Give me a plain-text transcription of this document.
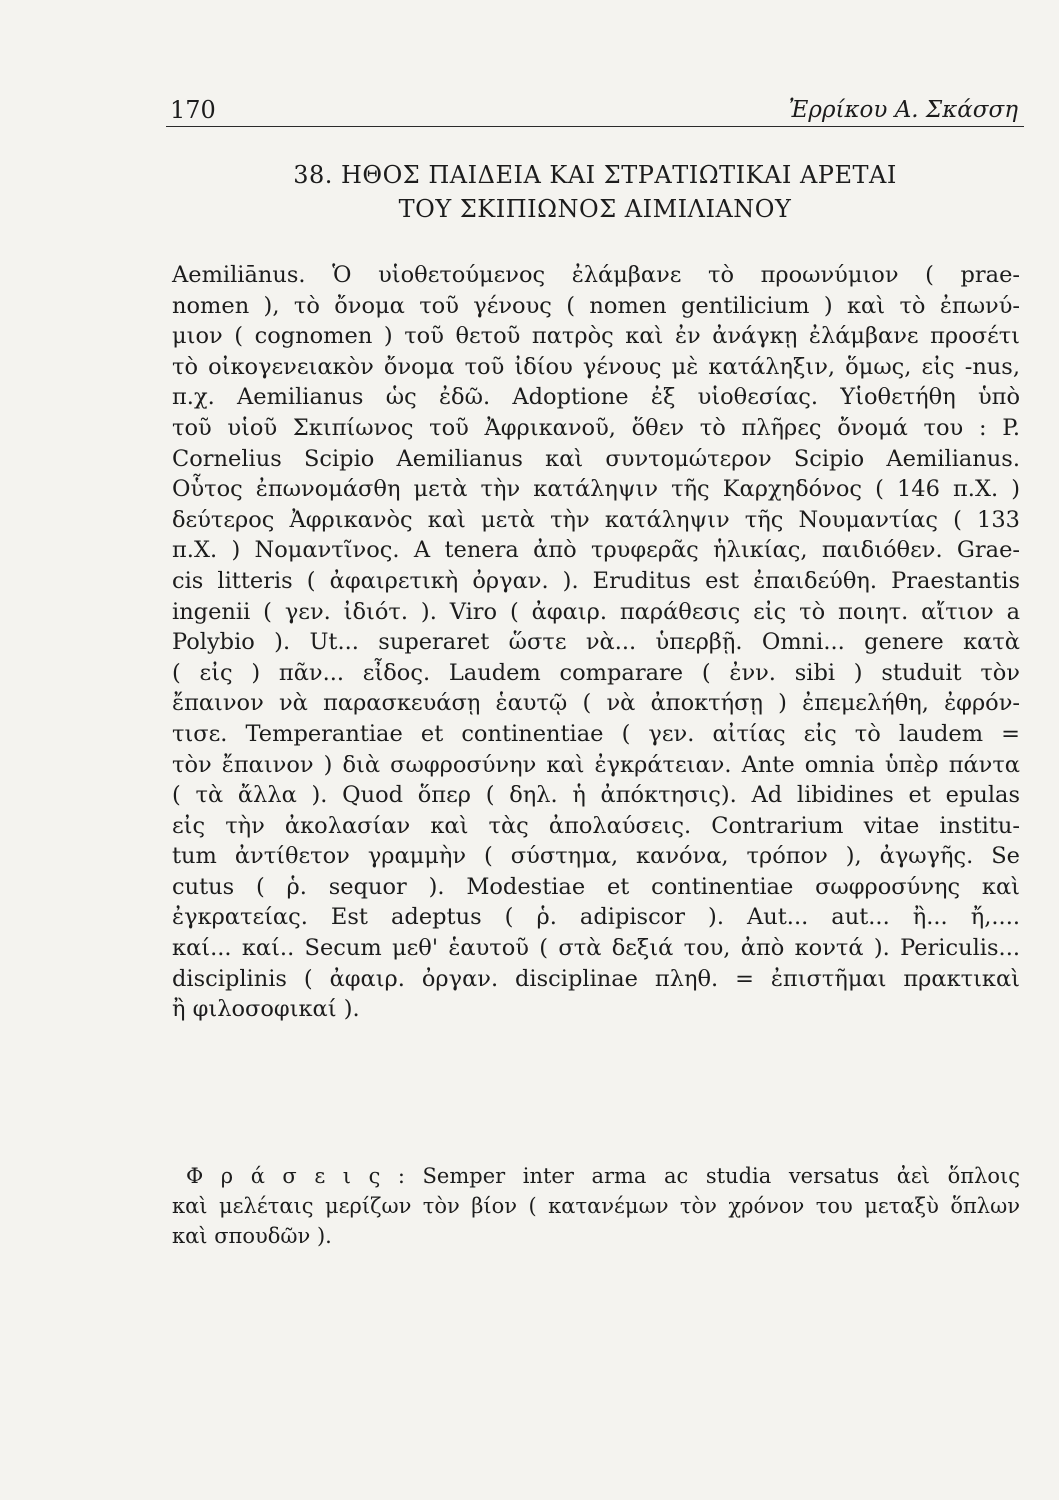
170	Ἐρρίκου Α. Σκάσση
38. ΗΘΟΣ ΠΑΙΔΕΙΑ ΚΑΙ ΣΤΡΑΤΙΩΤΙΚΑΙ ΑΡΕΤΑΙ
ΤΟΥ ΣΚΙΠΙΩΝΟΣ ΑΙΜΙΛΙΑΝΟΥ
Aemiliānus. Ὁ υἱοθετούμενος ἐλάμβανε τὸ προωνύμιον ( prae-
nomen ), τὸ ὄνομα τοῦ γένους ( nomen gentilicium ) καὶ τὸ ἐπωνύ-
μιον ( cognomen ) τοῦ θετοῦ πατρὸς καὶ ἐν ἀνάγκῃ ἐλάμβανε προσέτι
τὸ οἰκογενειακὸν ὄνομα τοῦ ἰδίου γένους μὲ κατάληξιν, ὅμως, εἰς -nus,
π.χ. Aemilianus ὡς ἐδῶ. Adoptione ἐξ υἱοθεσίας. Υἱοθετήθη ὑπὸ
τοῦ υἱοῦ Σκιπίωνος τοῦ Ἀφρικανοῦ, ὅθεν τὸ πλῆρες ὄνομά του : P.
Cornelius Scipio Aemilianus καὶ συντομώτερον Scipio Aemilianus.
Οὗτος ἐπωνομάσθη μετὰ τὴν κατάληψιν τῆς Καρχηδόνος ( 146 π.Χ. )
δεύτερος Ἀφρικανὸς καὶ μετὰ τὴν κατάληψιν τῆς Νουμαντίας ( 133
π.Χ. ) Νομαντῖνος. A tenera ἀπὸ τρυφερᾶς ἡλικίας, παιδιόθεν. Grae-
cis litteris ( ἀφαιρετικὴ ὀργαν. ). Eruditus est ἐπαιδεύθη. Praestantis
ingenii ( γεν. ἰδιότ. ). Viro ( ἀφαιρ. παράθεσις εἰς τὸ ποιητ. αἴτιον a
Polybio ). Ut... superaret ὥστε νὰ... ὑπερβῇ. Omni... genere κατὰ
( εἰς ) πᾶν... εἶδος. Laudem comparare ( ἐνν. sibi ) studuit τὸν
ἔπαινον νὰ παρασκευάσῃ ἑαυτῷ ( νὰ ἀποκτήσῃ ) ἐπεμελήθη, ἐφρόν-
τισε. Temperantiae et continentiae ( γεν. αἰτίας εἰς τὸ laudem =
τὸν ἔπαινον ) διὰ σωφροσύνην καὶ ἐγκράτειαν. Ante omnia ὑπὲρ πάντα
( τὰ ἄλλα ). Quod ὅπερ ( δηλ. ἡ ἀπόκτησις). Ad libidines et epulas
εἰς τὴν ἀκολασίαν καὶ τὰς ἀπολαύσεις. Contrarium vitae institu-
tum ἀντίθετον γραμμὴν ( σύστημα, κανόνα, τρόπον ), ἀγωγῆς. Se
cutus ( ῥ. sequor ). Modestiae et continentiae σωφροσύνης καὶ
ἐγκρατείας. Est adeptus ( ῥ. adipiscor ). Aut... aut... ἢ... ἤ,....
καί... καί.. Secum μεθ' ἑαυτοῦ ( στὰ δεξιά του, ἀπὸ κοντά ). Periculis...
disciplinis ( ἀφαιρ. ὀργαν. disciplinae πληθ. = ἐπιστῆμαι πρακτικαὶ
ἢ φιλοσοφικαί ).
Φ ρ ά σ ε ι ς : Semper inter arma ac studia versatus ἀεὶ ὅπλοις
καὶ μελέταις μερίζων τὸν βίον ( κατανέμων τὸν χρόνον του μεταξὺ ὅπλων
καὶ σπουδῶν ).
